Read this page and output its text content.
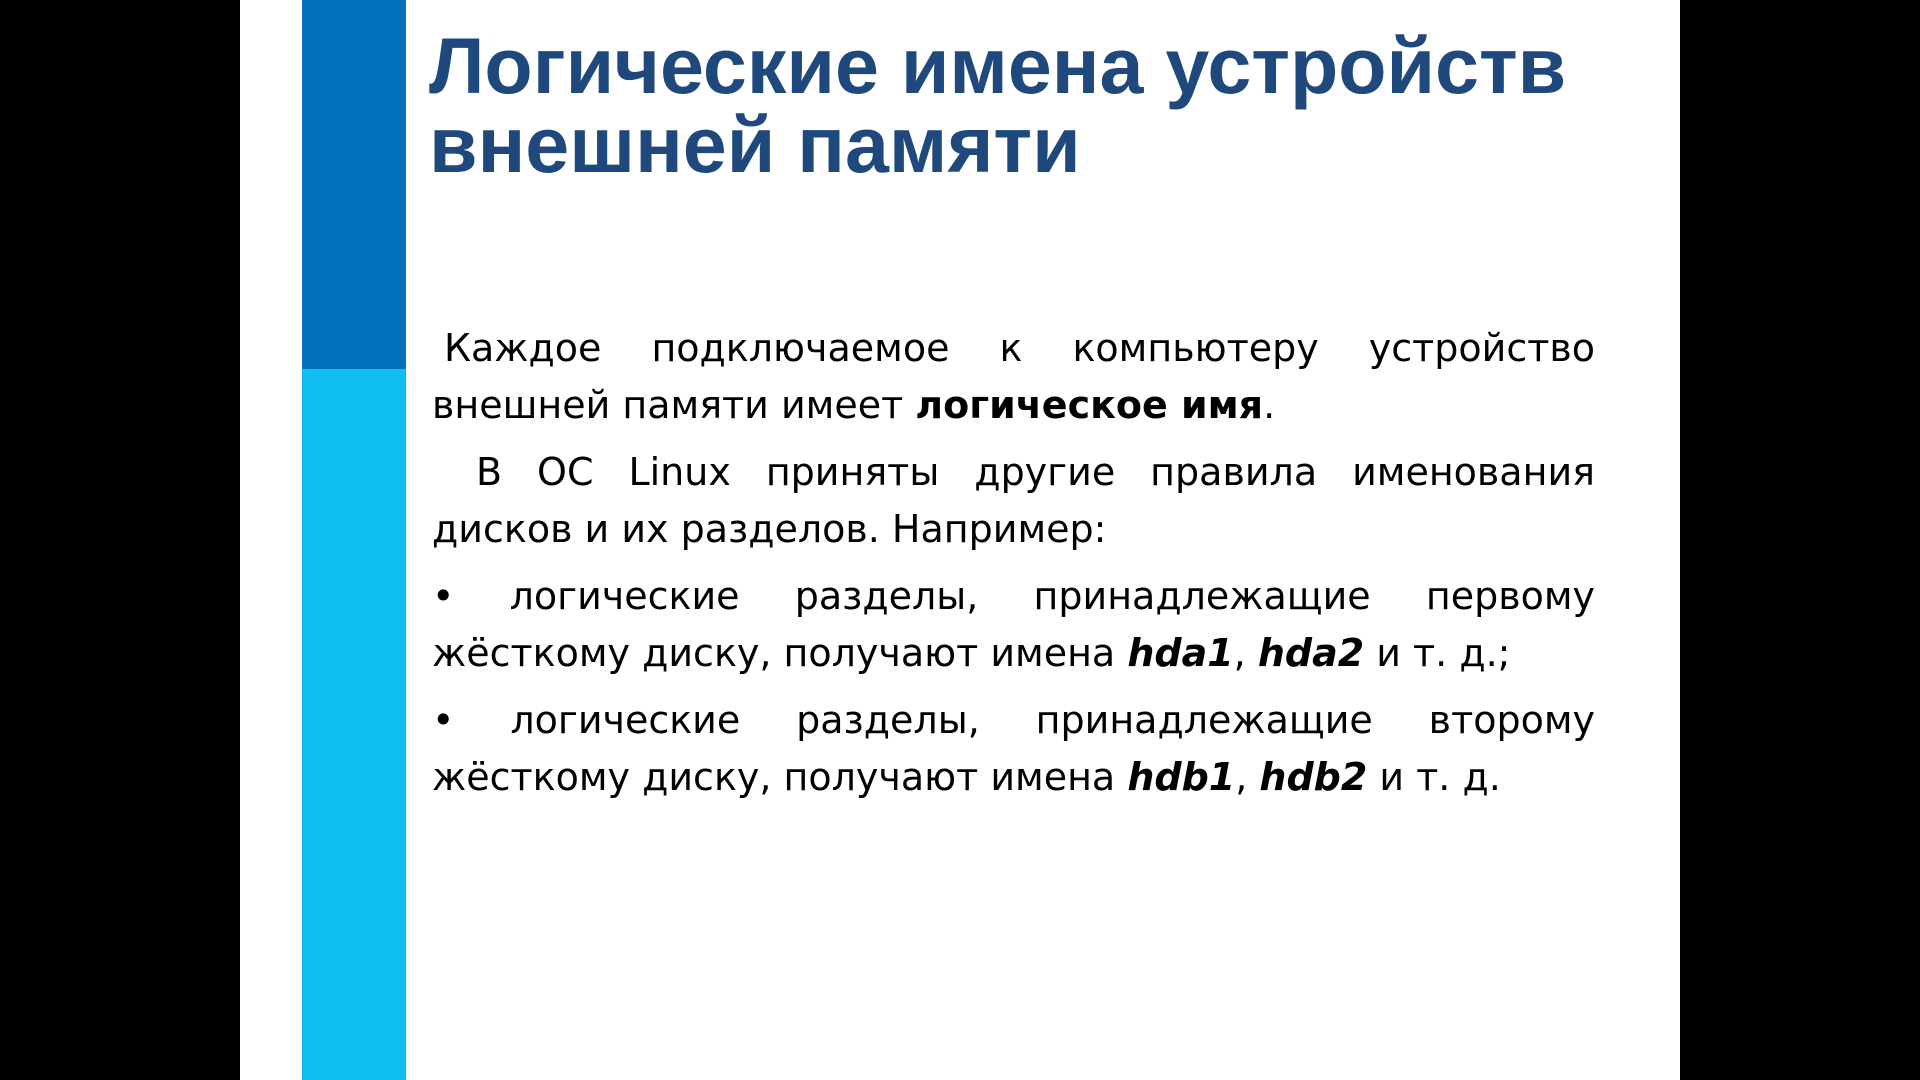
Логические имена устройств внешней памяти

Каждое подключаемое к компьютеру устройство внешней памяти имеет логическое имя.

В ОС Linux приняты другие правила именования дисков и их разделов. Например:

• логические разделы, принадлежащие первому жёсткому диску, получают имена hda1, hda2 и т. д.;

• логические разделы, принадлежащие второму жёсткому диску, получают имена hdb1, hdb2 и т. д.
